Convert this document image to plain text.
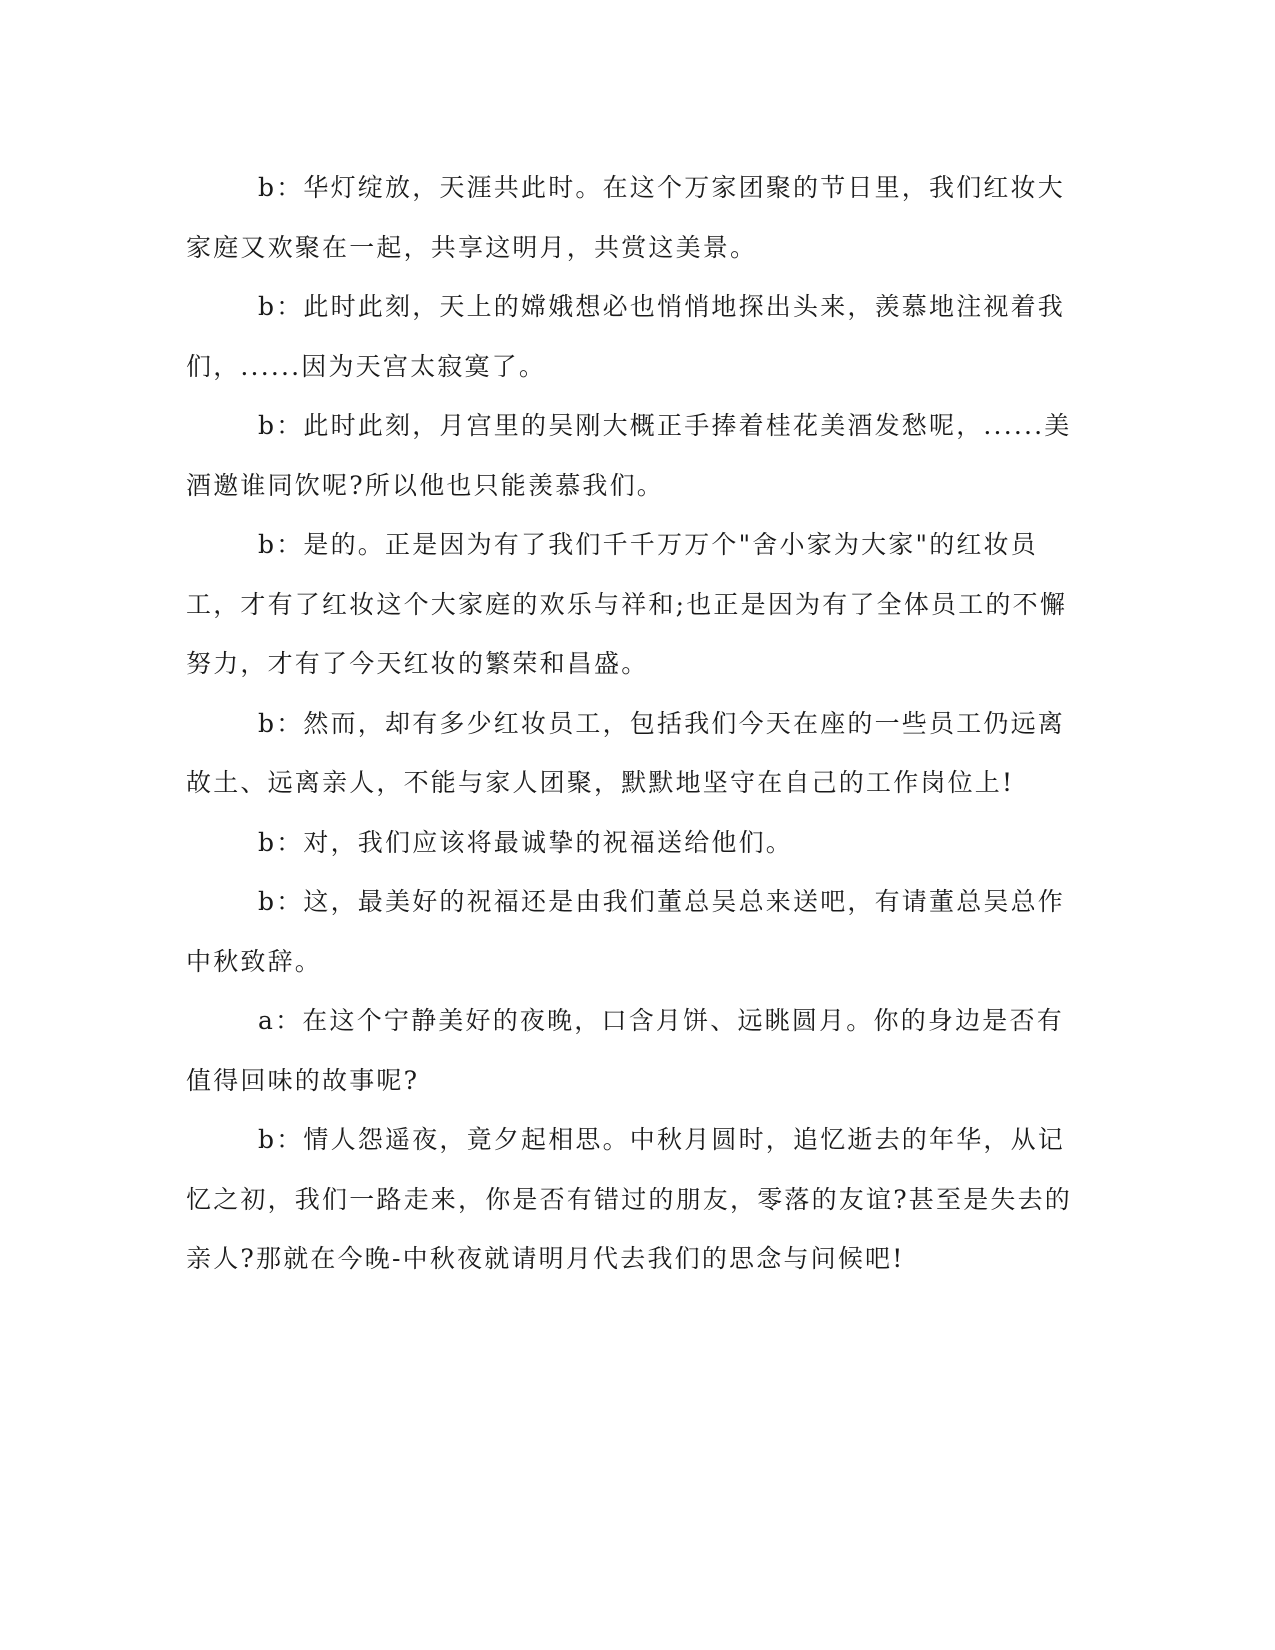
b：华灯绽放，天涯共此时。在这个万家团聚的节日里，我们红妆大家庭又欢聚在一起，共享这明月，共赏这美景。

b：此时此刻，天上的嫦娥想必也悄悄地探出头来，羡慕地注视着我们，......因为天宫太寂寞了。

b：此时此刻，月宫里的吴刚大概正手捧着桂花美酒发愁呢，......美酒邀谁同饮呢?所以他也只能羡慕我们。

b：是的。正是因为有了我们千千万万个"舍小家为大家"的红妆员工，才有了红妆这个大家庭的欢乐与祥和;也正是因为有了全体员工的不懈努力，才有了今天红妆的繁荣和昌盛。

b：然而，却有多少红妆员工，包括我们今天在座的一些员工仍远离故土、远离亲人，不能与家人团聚，默默地坚守在自己的工作岗位上!

b：对，我们应该将最诚挚的祝福送给他们。

b：这，最美好的祝福还是由我们董总吴总来送吧，有请董总吴总作中秋致辞。

a：在这个宁静美好的夜晚，口含月饼、远眺圆月。你的身边是否有值得回味的故事呢?

b：情人怨遥夜，竟夕起相思。中秋月圆时，追忆逝去的年华，从记忆之初，我们一路走来，你是否有错过的朋友，零落的友谊?甚至是失去的亲人?那就在今晚-中秋夜就请明月代去我们的思念与问候吧!
